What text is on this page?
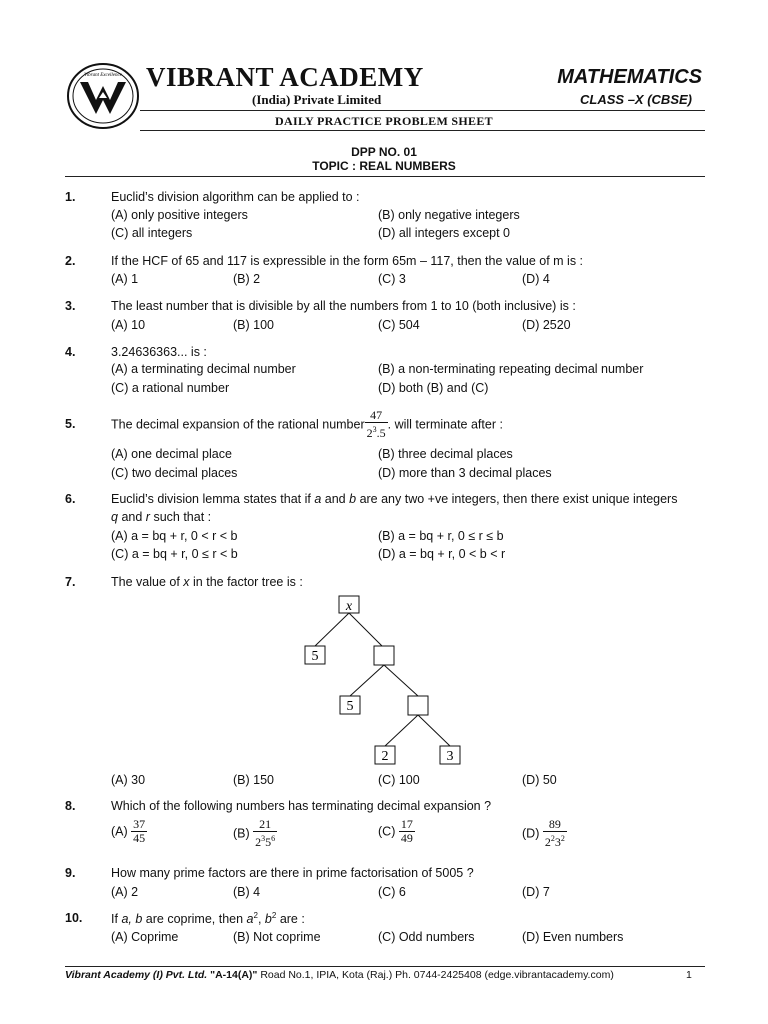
Vibrant Excellence VIBRANT ACADEMY
(India) Private Limited
MATHEMATICS
CLASS –X (CBSE)
DAILY PRACTICE PROBLEM SHEET
DPP NO. 01
TOPIC : REAL NUMBERS
1.	Euclid’s division algorithm can be applied to :
(A) only positive integers	(B) only negative integers
(C) all integers	(D) all integers except 0
2.	If the HCF of 65 and 117 is expressible in the form 65m – 117, then the value of m is :
(A) 1	(B) 2	(C) 3	(D) 4
3.	The least number that is divisible by all the numbers from 1 to 10 (both inclusive) is :
(A) 10	(B) 100	(C) 504	(D) 2520
4.	3.24636363... is :
(A) a terminating decimal number	(B) a non-terminating repeating decimal number
(C) a rational number	(D) both (B) and (C)
5.	The decimal expansion of the rational number $\frac{47}{2^3.5}$ . will terminate after :
(A) one decimal place	(B) three decimal places
(C) two decimal places	(D) more than 3 decimal places
6.	Euclid’s division lemma states that if a and b are any two +ve integers, then there exist unique integers
q and r such that :
(A) a = bq + r, 0 < r < b	(B) a = bq + r, 0 ≤ r ≤ b
(C) a = bq + r, 0 ≤ r < b	(D) a = bq + r, 0 < b < r
7.	The value of x in the factor tree is :
x
5
5
2	3
(A) 30	(B) 150	(C) 100	(D) 50
8.	Which of the following numbers has terminating decimal expansion ?
$(A) \frac{37}{45}$	$(B) \frac{21}{2^35^6}$	$(C) \frac{17}{49}$	$(D) \frac{89}{2^23^2}$
9.	How many prime factors are there in prime factorisation of 5005 ?
(A) 2	(B) 4	(C) 6	(D) 7
10. If a, b are coprime, then $a^2$, $b^2$ are :
(A) Coprime	(B) Not coprime	(C) Odd numbers	(D) Even numbers
Vibrant Academy (I) Pvt. Ltd. "A-14(A)" Road No.1, IPIA, Kota (Raj.) Ph. 0744-2425408 (edge.vibrantacademy.com)	1
